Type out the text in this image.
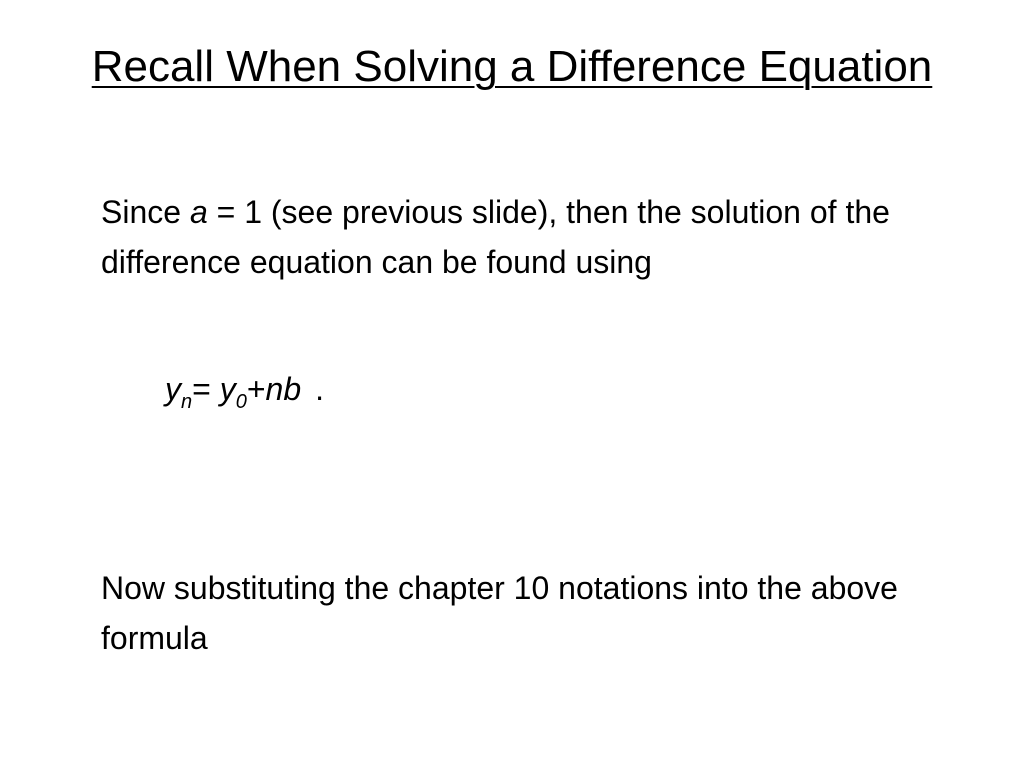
Recall When Solving a Difference Equation

Since a = 1 (see previous slide), then the solution of the difference equation can be found using

$y_n= y_0+nb$ .

Now substituting the chapter 10 notations into the above formula
